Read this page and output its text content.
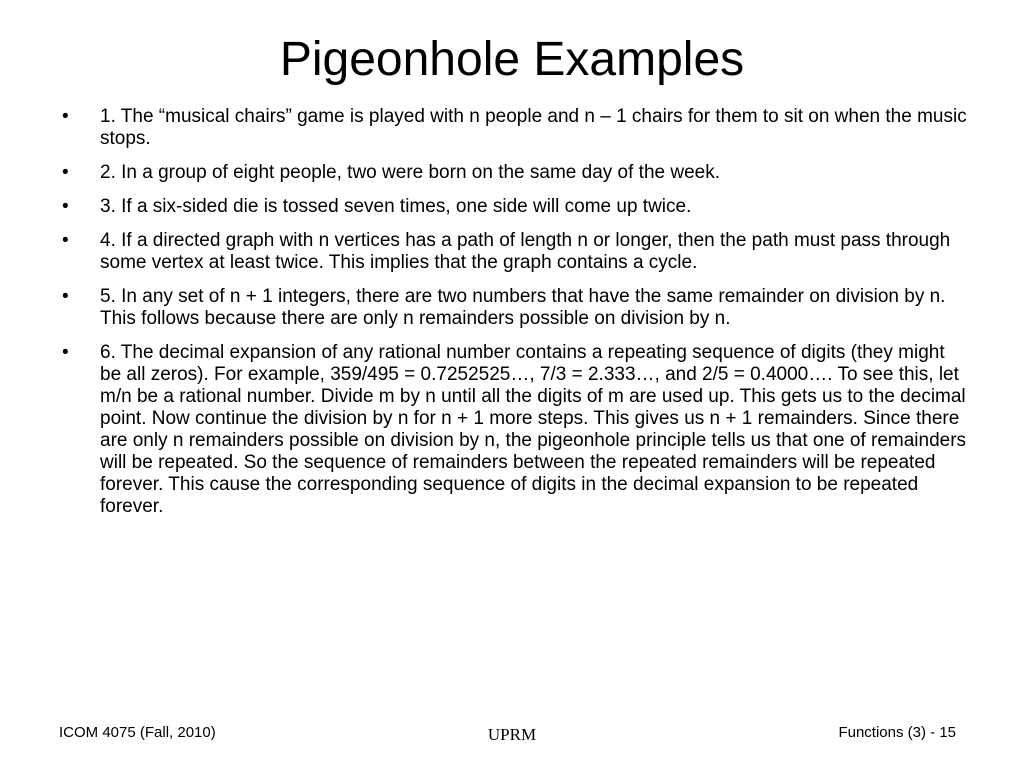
Pigeonhole Examples
•	1. The “musical chairs” game is played with n people and n – 1 chairs for them to sit on when the music stops.
•	2. In a group of eight people, two were born on the same day of the week.
•	3. If a six-sided die is tossed seven times, one side will come up twice.
•	4. If a directed graph with n vertices has a path of length n or longer, then the path must pass through some vertex at least twice. This implies that the graph contains a cycle.
•	5. In any set of n + 1 integers, there are two numbers that have the same remainder on division by n. This follows because there are only n remainders possible on division by n.
•	6. The decimal expansion of any rational number contains a repeating sequence of digits (they might be all zeros). For example, 359/495 = 0.7252525…, 7/3 = 2.333…, and 2/5 = 0.4000…. To see this, let m/n be a rational number. Divide m by n until all the digits of m are used up. This gets us to the decimal point. Now continue the division by n for n + 1 more steps. This gives us n + 1 remainders. Since there are only n remainders possible on division by n, the pigeonhole principle tells us that one of remainders will be repeated. So the sequence of remainders between the repeated remainders will be repeated forever. This cause the corresponding sequence of digits in the decimal expansion to be repeated forever.
ICOM 4075 (Fall, 2010)	UPRM	Functions (3) - 15
